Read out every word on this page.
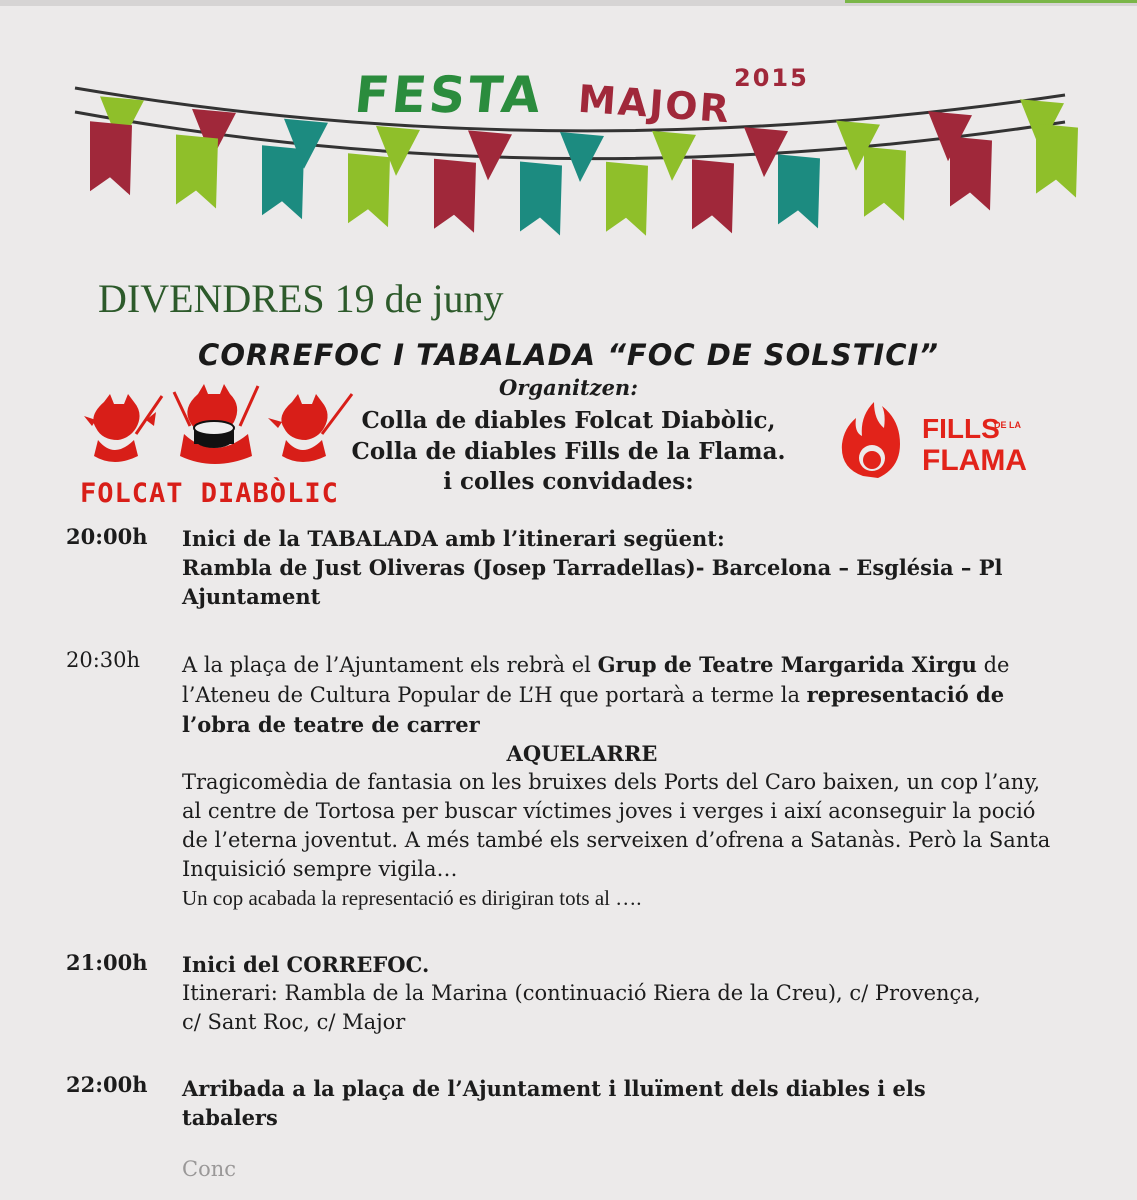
FESTA MAJOR 2015
DIVENDRES 19 de juny
CORREFOC I TABALADA “FOC DE SOLSTICI”
Organitzen:
Colla de diables Folcat Diabòlic,
Colla de diables Fills de la Flama.
i colles convidades:
FOLCAT DIABÒLIC
FILLS
DE LA
FLAMA
20:00h Inici de la TABALADA amb l’itinerari següent:
Rambla de Just Oliveras (Josep Tarradellas)- Barcelona – Església – Pl
Ajuntament
20:30h A la plaça de l’Ajuntament els rebrà el Grup de Teatre Margarida Xirgu de
l’Ateneu de Cultura Popular de L’H que portarà a terme la representació de
l’obra de teatre de carrer
AQUELARRE
Tragicomèdia de fantasia on les bruixes dels Ports del Caro baixen, un cop l’any,
al centre de Tortosa per buscar víctimes joves i verges i així aconseguir la poció
de l’eterna joventut. A més també els serveixen d’ofrena a Satanàs. Però la Santa
Inquisició sempre vigila…
Un cop acabada la representació es dirigiran tots al ….
21:00h Inici del CORREFOC.
Itinerari: Rambla de la Marina (continuació Riera de la Creu), c/ Provença,
c/ Sant Roc, c/ Major
22:00h Arribada a la plaça de l’Ajuntament i lluïment dels diables i els
tabalers
Conc
